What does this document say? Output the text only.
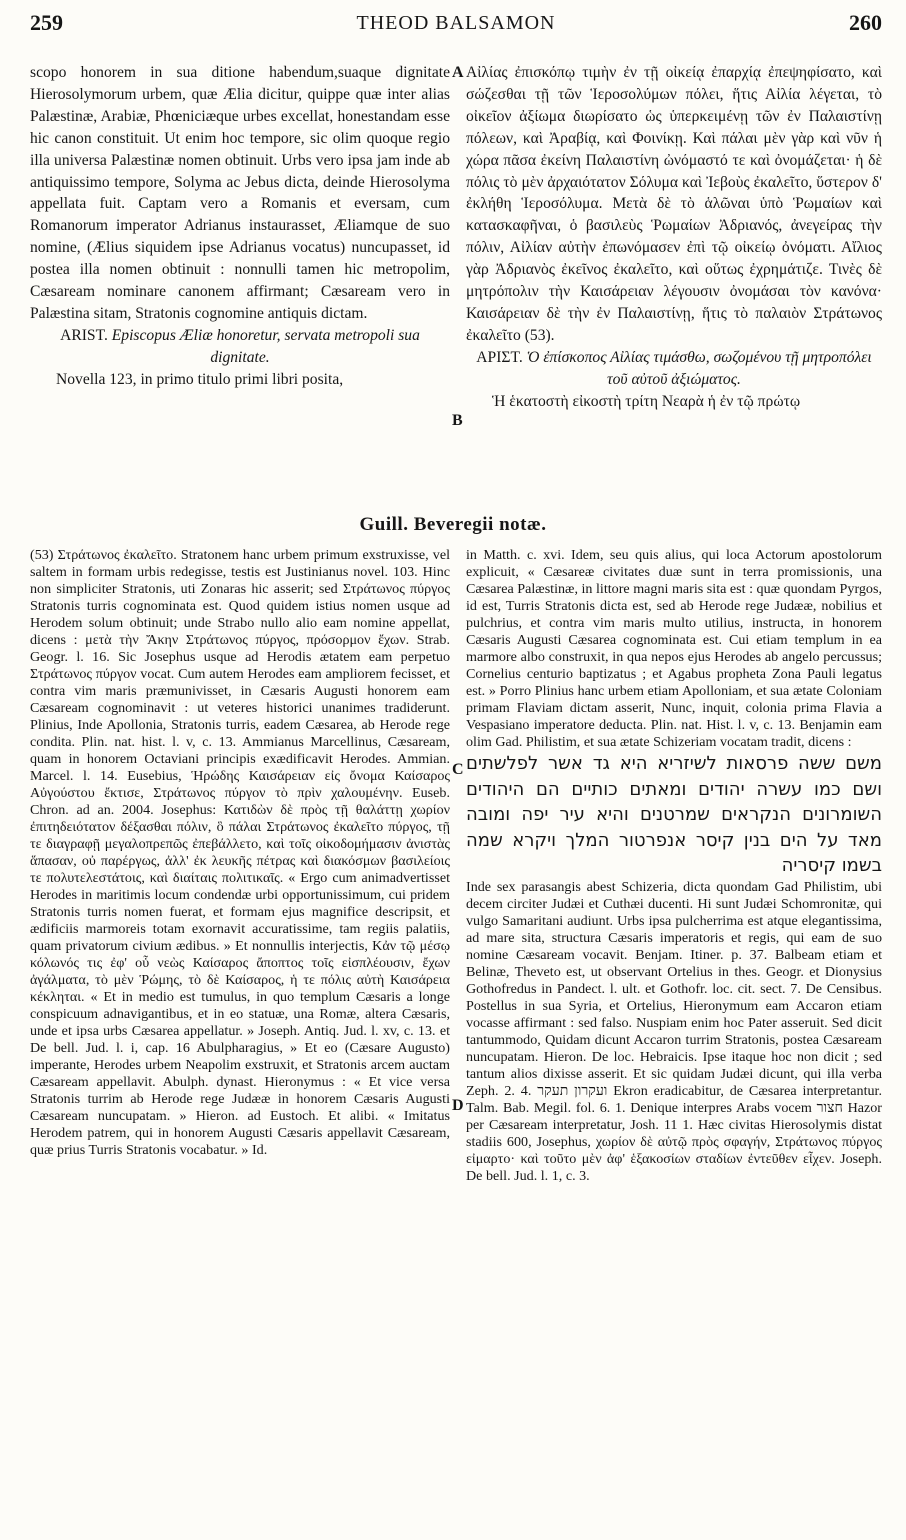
259	THEOD BALSAMON	260
A
B
C
D

scopo honorem in sua ditione habendum,suaque dignitate Hierosolymorum urbem, quæ Ælia dicitur, quippe quæ inter alias Palæstinæ, Arabiæ, Phœniciæque urbes excellat, honestandam esse hic canon constituit. Ut enim hoc tempore, sic olim quoque regio illa universa Palæstinæ nomen obtinuit. Urbs vero ipsa jam inde ab antiquissimo tempore, Solyma ac Jebus dicta, deinde Hierosolyma appellata fuit. Captam vero a Romanis et eversam, cum Romanorum imperator Adrianus instaurasset, Æliamque de suo nomine, (Ælius siquidem ipse Adrianus vocatus) nuncupasset, id postea illa nomen obtinuit : nonnulli tamen hic metropolim, Cæsaream nominare canonem affirmant; Cæsaream vero in Palæstina sitam, Stratonis cognomine antiquis dictam.

ARIST. Episcopus Æliæ honoretur, servata metropoli sua dignitate.

Novella 123, in primo titulo primi libri posita,

Αἰλίας ἐπισκόπῳ τιμὴν ἐν τῇ οἰκείᾳ ἐπαρχίᾳ ἐπεψηφίσατο, καὶ σώζεσθαι τῇ τῶν Ἱεροσολύμων πόλει, ἥτις Αἰλία λέγεται, τὸ οἰκεῖον ἀξίωμα διωρίσατο ὡς ὑπερκειμένῃ τῶν ἐν Παλαιστίνῃ πόλεων, καὶ Ἀραβίᾳ, καὶ Φοινίκῃ. Καὶ πάλαι μὲν γὰρ καὶ νῦν ἡ χώρα πᾶσα ἐκείνη Παλαιστίνη ὠνόμαστό τε καὶ ὀνομάζεται· ἡ δὲ πόλις τὸ μὲν ἀρχαιότατον Σόλυμα καὶ Ἰεβοὺς ἐκαλεῖτο, ὕστερον δ' ἐκλήθη Ἱεροσόλυμα. Μετὰ δὲ τὸ ἁλῶναι ὑπὸ Ῥωμαίων καὶ κατασκαφῆναι, ὁ βασιλεὺς Ῥωμαίων Ἀδριανός, ἀνεγείρας τὴν πόλιν, Αἰλίαν αὐτὴν ἐπωνόμασεν ἐπὶ τῷ οἰκείῳ ὀνόματι. Αἴλιος γὰρ Ἀδριανὸς ἐκεῖνος ἐκαλεῖτο, καὶ οὕτως ἐχρημάτιζε. Τινὲς δὲ μητρόπολιν τὴν Καισάρειαν λέγουσιν ὀνομάσαι τὸν κανόνα· Καισάρειαν δὲ τὴν ἐν Παλαιστίνῃ, ἥτις τὸ παλαιὸν Στράτωνος ἐκαλεῖτο (53).

ΑΡΙΣΤ. Ὁ ἐπίσκοπος Αἰλίας τιμάσθω, σωζομένου τῇ μητροπόλει τοῦ αὐτοῦ ἀξιώματος.

Ἡ ἑκατοστὴ εἰκοστὴ τρίτη Νεαρὰ ἡ ἐν τῷ πρώτῳ

Guill. Beveregii notæ.

(53) Στράτωνος ἐκαλεῖτο. Stratonem hanc urbem primum exstruxisse, vel saltem in formam urbis redegisse, testis est Justinianus novel. 103. Hinc non simpliciter Stratonis, uti Zonaras hic asserit; sed Στράτωνος πύργος Stratonis turris cognominata est. Quod quidem istius nomen usque ad Herodem solum obtinuit; unde Strabo nullo alio eam nomine appellat, dicens : μετὰ τὴν Ἄκην Στράτωνος πύργος, πρόσορμον ἔχων. Strab. Geogr. l. 16. Sic Josephus usque ad Herodis ætatem eam perpetuo Στράτωνος πύργον vocat. Cum autem Herodes eam ampliorem fecisset, et contra vim maris præmunivisset, in Cæsaris Augusti honorem eam Cæsaream cognominavit : ut veteres historici unanimes tradiderunt. Plinius, Inde Apollonia, Stratonis turris, eadem Cæsarea, ab Herode rege condita. Plin. nat. hist. l. v, c. 13. Ammianus Marcellinus, Cæsaream, quam in honorem Octaviani principis exædificavit Herodes. Ammian. Marcel. l. 14. Eusebius, Ἡρώδης Καισάρειαν εἰς ὄνομα Καίσαρος Αὐγούστου ἔκτισε, Στράτωνος πύργον τὸ πρὶν χαλουμένην. Euseb. Chron. ad an. 2004. Josephus: Κατιδὼν δὲ πρὸς τῇ θαλάττῃ χωρίον ἐπιτηδειότατον δέξασθαι πόλιν, ὃ πάλαι Στράτωνος ἐκαλεῖτο πύργος, τῇ τε διαγραφῇ μεγαλοπρεπῶς ἐπεβάλλετο, καὶ τοῖς οἰκοδομήμασιν ἀνιστὰς ἅπασαν, οὐ παρέργως, ἀλλ' ἐκ λευκῆς πέτρας καὶ διακόσμων βασιλείοις τε πολυτελεστάτοις, καὶ διαίταις πολιτικαῖς. « Ergo cum animadvertisset Herodes in maritimis locum condendæ urbi opportunissimum, cui pridem Stratonis turris nomen fuerat, et formam ejus magnifice descripsit, et ædificiis marmoreis totam exornavit accuratissime, tam regiis palatiis, quam privatorum civium ædibus. » Et nonnullis interjectis, Κἀν τῷ μέσῳ κόλωνός τις ἐφ' οὗ νεὼς Καίσαρος ἄποπτος τοῖς εἰσπλέουσιν, ἔχων ἀγάλματα, τὸ μὲν Ῥώμης, τὸ δὲ Καίσαρος, ἡ τε πόλις αὐτὴ Καισάρεια κέκληται. « Et in medio est tumulus, in quo templum Cæsaris a longe conspicuum adnavigantibus, et in eo statuæ, una Romæ, altera Cæsaris, unde et ipsa urbs Cæsarea appellatur. » Joseph. Antiq. Jud. l. xv, c. 13. et De bell. Jud. l. i, cap. 16 Abulpharagius, » Et eo (Cæsare Augusto) imperante, Herodes urbem Neapolim exstruxit, et Stratonis arcem auctam Cæsaream appellavit. Abulph. dynast. Hieronymus : « Et vice versa Stratonis turrim ab Herode rege Judææ in honorem Cæsaris Augusti Cæsaream nuncupatam. » Hieron. ad Eustoch. Et alibi. « Imitatus Herodem patrem, qui in honorem Augusti Cæsaris appellavit Cæsaream, quæ prius Turris Stratonis vocabatur. » Id.

in Matth. c. xvi. Idem, seu quis alius, qui loca Actorum apostolorum explicuit, « Cæsareæ civitates duæ sunt in terra promissionis, una Cæsarea Palæstinæ, in littore magni maris sita est : quæ quondam Pyrgos, id est, Turris Stratonis dicta est, sed ab Herode rege Judææ, nobilius et pulchrius, et contra vim maris multo utilius, instructa, in honorem Cæsaris Augusti Cæsarea cognominata est. Cui etiam templum in ea marmore albo construxit, in qua nepos ejus Herodes ab angelo percussus; Cornelius centurio baptizatus ; et Agabus propheta Zona Pauli legatus est. » Porro Plinius hanc urbem etiam Apolloniam, et sua ætate Coloniam primam Flaviam dictam asserit, Nunc, inquit, colonia prima Flavia a Vespasiano imperatore deducta. Plin. nat. Hist. l. v, c. 13. Benjamin eam olim Gad. Philistim, et sua ætate Schizeriam vocatam tradit, dicens :

משם ששה פרסאות לשיזריא היא גד אשר לפלשתים ושם כמו עשרה יהודים ומאתים כותיים הם היהודים השומרונים הנקראים שמרטנים והיא עיר יפה ומובה מאד על הים בנין קיסר אנפרטור המלך ויקרא שמה בשמו קיסריה

Inde sex parasangis abest Schizeria, dicta quondam Gad Philistim, ubi decem circiter Judæi et Cuthæi ducenti. Hi sunt Judæi Schomronitæ, qui vulgo Samaritani audiunt. Urbs ipsa pulcherrima est atque elegantissima, ad mare sita, structura Cæsaris imperatoris et regis, qui eam de suo nomine Cæsaream vocavit. Benjam. Itiner. p. 37. Balbeam etiam et Belinæ, Theveto est, ut observant Ortelius in thes. Geogr. et Dionysius Gothofredus in Pandect. l. ult. et Gothofr. loc. cit. sect. 7. De Censibus. Postellus in sua Syria, et Ortelius, Hieronymum eam Accaron etiam vocasse affirmant : sed falso. Nuspiam enim hoc Pater asseruit. Sed dicit tantummodo, Quidam dicunt Accaron turrim Stratonis, postea Cæsaream nuncupatam. Hieron. De loc. Hebraicis. Ipse itaque hoc non dicit ; sed tantum alios dixisse asserit. Et sic quidam Judæi dicunt, qui illa verba Zeph. 2. 4. ועקרון תעקר Ekron eradicabitur, de Cæsarea interpretantur. Talm. Bab. Megil. fol. 6. 1. Denique interpres Arabs vocem חצור Hazor per Cæsaream interpretatur, Josh. 11 1. Hæc civitas Hierosolymis distat stadiis 600, Josephus, χωρίον δὲ αὐτῷ πρὸς σφαγήν, Στράτωνος πύργος εἰμαρτο· καὶ τοῦτο μὲν ἀφ' ἑξακοσίων σταδίων ἐντεῦθεν εἶχεν. Joseph. De bell. Jud. l. 1, c. 3.
